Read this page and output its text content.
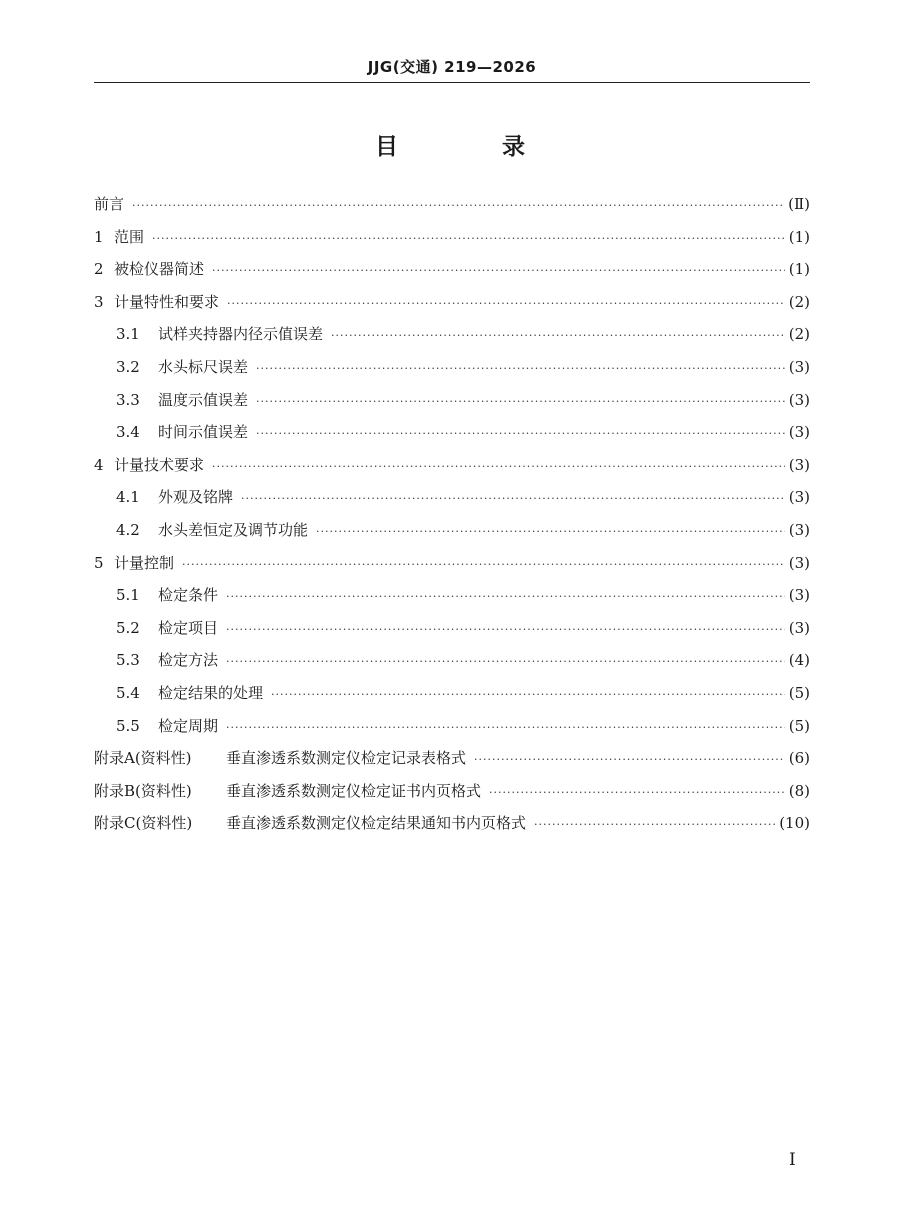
JJG(交通) 219—2026
目 录
前言 ·····	(Ⅱ)
1 范围 ·····	(1)
2 被检仪器简述 ·····	(1)
3 计量特性和要求 ·····	(2)
3.1	试样夹持器内径示值误差 ·····	(2)
3.2	水头标尺误差 ·····	(3)
3.3	温度示值误差 ·····	(3)
3.4	时间示值误差 ·····	(3)
4 计量技术要求 ·····	(3)
4.1	外观及铭牌 ·····	(3)
4.2	水头差恒定及调节功能 ·····	(3)
5 计量控制 ·····	(3)
5.1	检定条件 ·····	(3)
5.2	检定项目 ·····	(3)
5.3	检定方法 ·····	(4)
5.4	检定结果的处理 ·····	(5)
5.5	检定周期 ·····	(5)
附录A(资料性)	垂直渗透系数测定仪检定记录表格式 ·····	(6)
附录B(资料性)	垂直渗透系数测定仪检定证书内页格式 ·····	(8)
附录C(资料性)	垂直渗透系数测定仪检定结果通知书内页格式 ·····	(10)
Ⅰ
